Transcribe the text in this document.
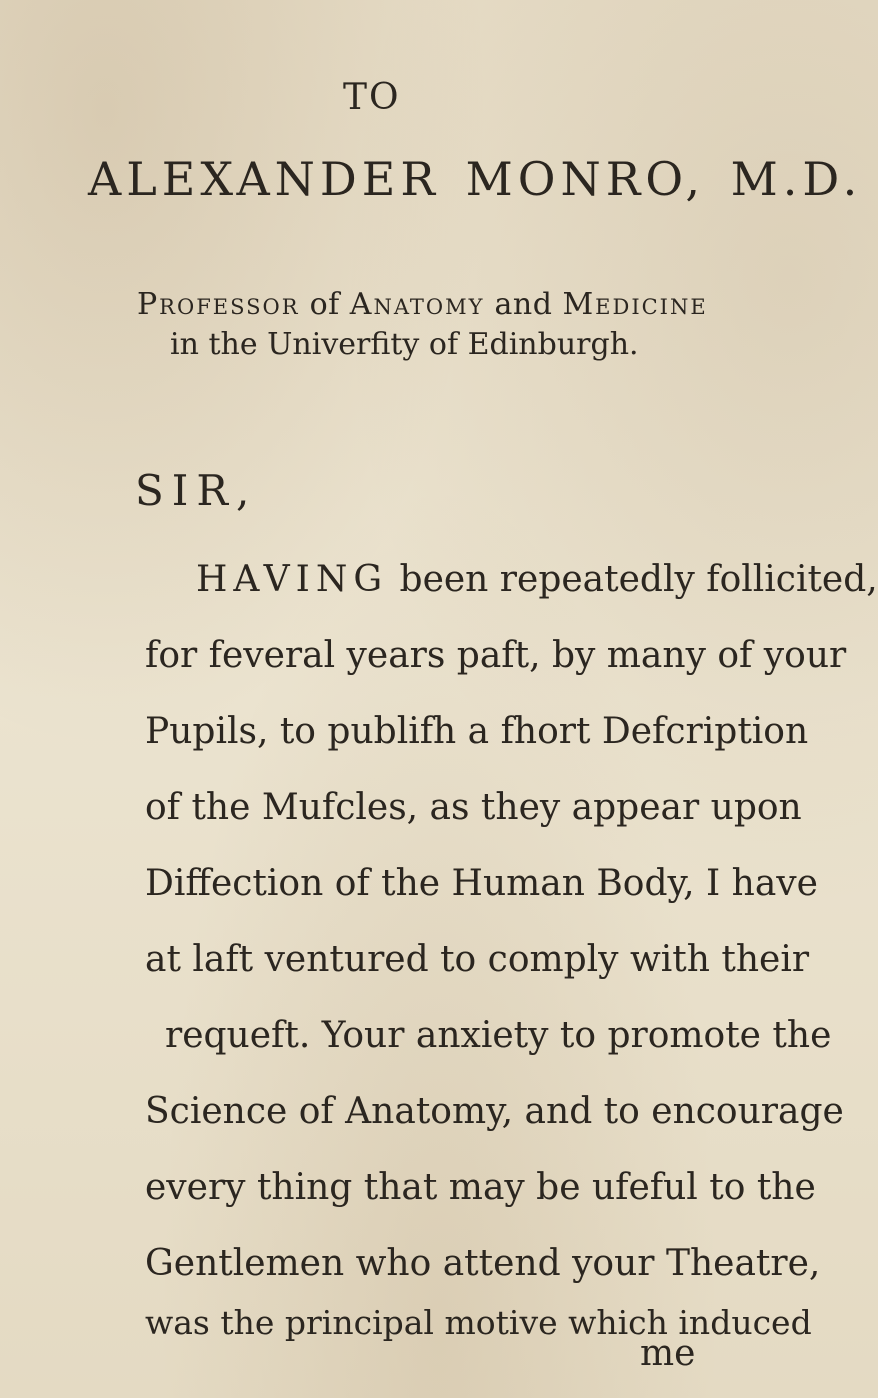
TO
ALEXANDER MONRO, M.D.
Professor of Anatomy and Medicine
in the Univerfity of Edinburgh.
SIR,
HAVING been repeatedly follicited,
for feveral years paft, by many of your
Pupils, to publifh a fhort Defcription
of the Mufcles, as they appear upon
Diffection of the Human Body, I have
at laft ventured to comply with their
requeft. Your anxiety to promote the
Science of Anatomy, and to encourage
every thing that may be ufeful to the
Gentlemen who attend your Theatre,
was the principal motive which induced
me
